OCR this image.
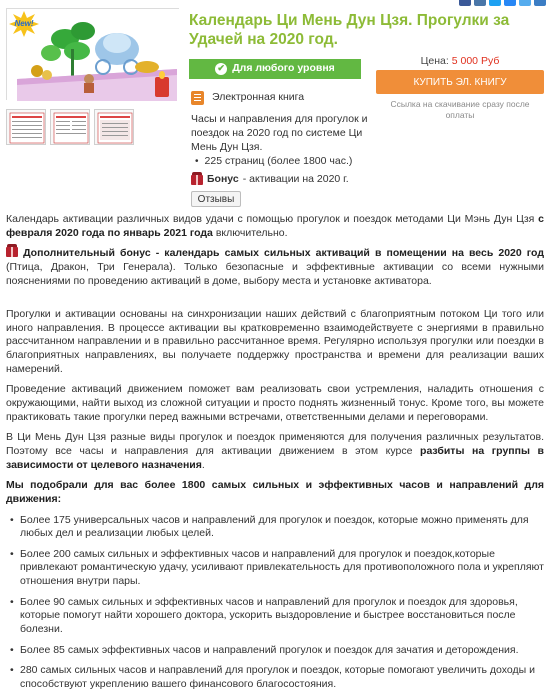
New!	Календарь Ци Мень Дун Цзя. Прогулки за Удачей на 2020 год.
✔ Для любого уровня
Цена: 5 000 Руб
КУПИТЬ ЭЛ. КНИГУ
Ссылка на скачивание сразу после оплаты
Электронная книга
Часы и направления для прогулок и поездок на 2020 год по системе Ци Мень Дун Цзя.
• 225 страниц (более 1800 час.)
Бонус - активации на 2020 г.
Отзывы

Календарь активации различных видов удачи с помощью прогулок и поездок методами Ци Мэнь Дун Цзя с февраля 2020 года по январь 2021 года включительно.

Дополнительный бонус - календарь самых сильных активаций в помещении на весь 2020 год (Птица, Дракон, Три Генерала). Только безопасные и эффективные активации со всеми нужными пояснениями по проведению активаций в доме, выбору места и установке активатора.

Прогулки и активации основаны на синхронизации наших действий с благоприятным потоком Ци того или иного направления. В процессе активации вы кратковременно взаимодействуете с энергиями в правильно рассчитанном направлении и в правильно рассчитанное время. Регулярно используя прогулки или поездки в благоприятных направлениях, вы получаете поддержку пространства и времени для реализации ваших намерений.

Проведение активаций движением поможет вам реализовать свои устремления, наладить отношения с окружающими, найти выход из сложной ситуации и просто поднять жизненный тонус. Кроме того, вы можете практиковать такие прогулки перед важными встречами, ответственными делами и переговорами.

В Ци Мень Дун Цзя разные виды прогулок и поездок применяются для получения различных результатов. Поэтому все часы и направления для активации движением в этом курсе разбиты на группы в зависимости от целевого назначения.

Мы подобрали для вас более 1800 самых сильных и эффективных часов и направлений для движения:

• Более 175 универсальных часов и направлений для прогулок и поездок, которые можно применять для любых дел и реализации любых целей.
• Более 200 самых сильных и эффективных часов и направлений для прогулок и поездок,которые привлекают романтическую удачу, усиливают привлекательность для противоположного пола и укрепляют отношения внутри пары.
• Более 90 самых сильных и эффективных часов и направлений для прогулок и поездок для здоровья, которые помогут найти хорошего доктора, ускорить выздоровление и быстрее восстановиться после болезни.
• Более 85 самых эффективных часов и направлений прогулок и поездок для зачатия и деторождения.
• 280 самых сильных часов и направлений для прогулок и поездок, которые помогают увеличить доходы и способствуют укреплению вашего финансового благосостояния.
